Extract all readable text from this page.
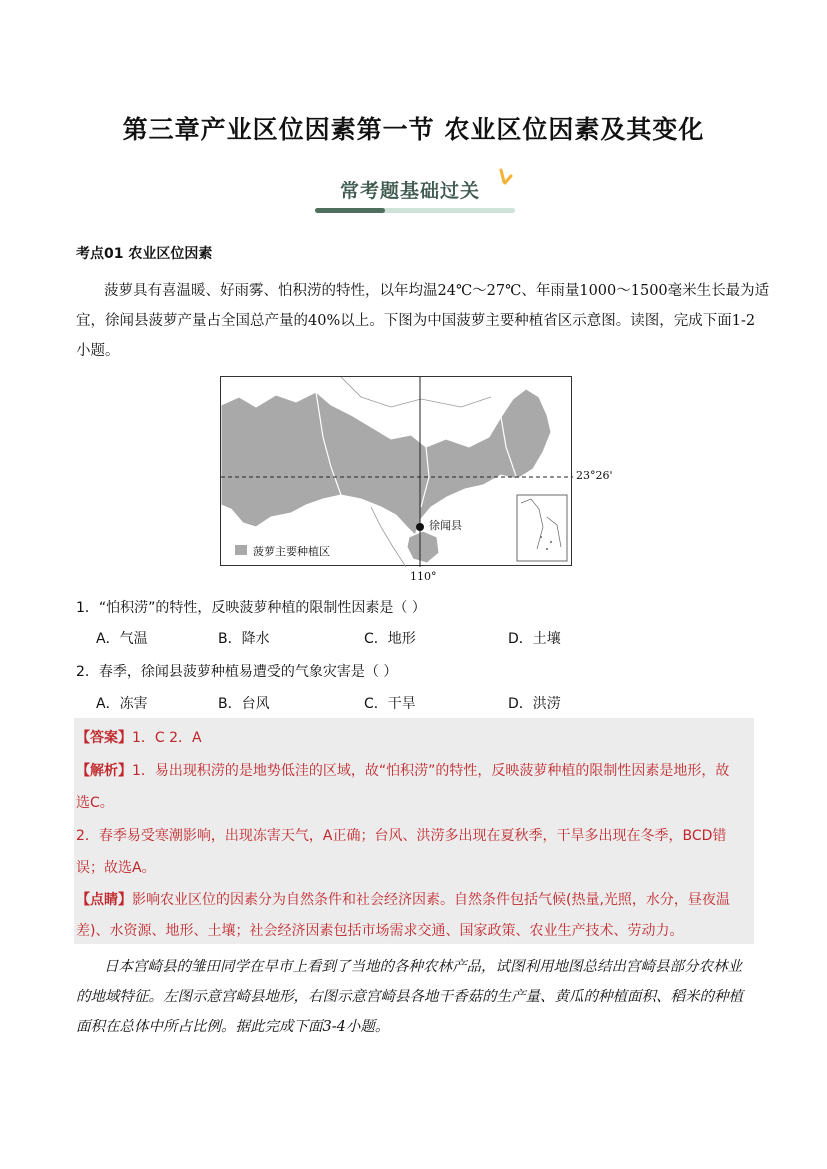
第三章产业区位因素第一节 农业区位因素及其变化
常考题基础过关
考点01 农业区位因素
菠萝具有喜温暖、好雨雾、怕积涝的特性，以年均温24℃～27℃、年雨量1000～1500毫米生长最为适
宜，徐闻县菠萝产量占全国总产量的40%以上。下图为中国菠萝主要种植省区示意图。读图，完成下面1-2
小题。
菠萝主要种植区
徐闻县
23°26'
110°
1．“怕积涝”的特性，反映菠萝种植的限制性因素是（ ）
A．气温	B．降水	C．地形	D．土壤
2．春季，徐闻县菠萝种植易遭受的气象灾害是（ ）
A．冻害	B．台风	C．干旱	D．洪涝
【答案】1．C 2．A
【解析】1．易出现积涝的是地势低洼的区域，故“怕积涝”的特性，反映菠萝种植的限制性因素是地形，故
选C。
2．春季易受寒潮影响，出现冻害天气，A正确；台风、洪涝多出现在夏秋季，干旱多出现在冬季，BCD错
误；故选A。
【点睛】影响农业区位的因素分为自然条件和社会经济因素。自然条件包括气候(热量,光照，水分，昼夜温
差)、水资源、地形、土壤；社会经济因素包括市场需求交通、国家政策、农业生产技术、劳动力。
日本宫崎县的雏田同学在早市上看到了当地的各种农林产品，试图利用地图总结出宫崎县部分农林业
的地域特征。左图示意宫崎县地形，右图示意宫崎县各地干香菇的生产量、黄瓜的种植面积、稻米的种植
面积在总体中所占比例。据此完成下面3-4小题。
